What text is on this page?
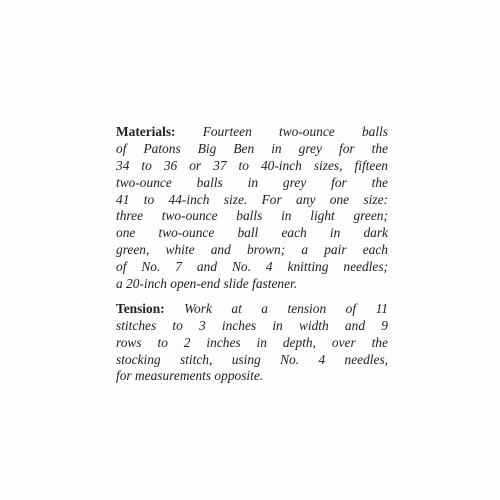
Materials: Fourteen two-ounce balls
of Patons Big Ben in grey for the
34 to 36 or 37 to 40-inch sizes, fifteen
two-ounce balls in grey for the
41 to 44-inch size. For any one size:
three two-ounce balls in light green;
one two-ounce ball each in dark
green, white and brown; a pair each
of No. 7 and No. 4 knitting needles;
a 20-inch open-end slide fastener.
Tension: Work at a tension of 11
stitches to 3 inches in width and 9
rows to 2 inches in depth, over the
stocking stitch, using No. 4 needles,
for measurements opposite.
